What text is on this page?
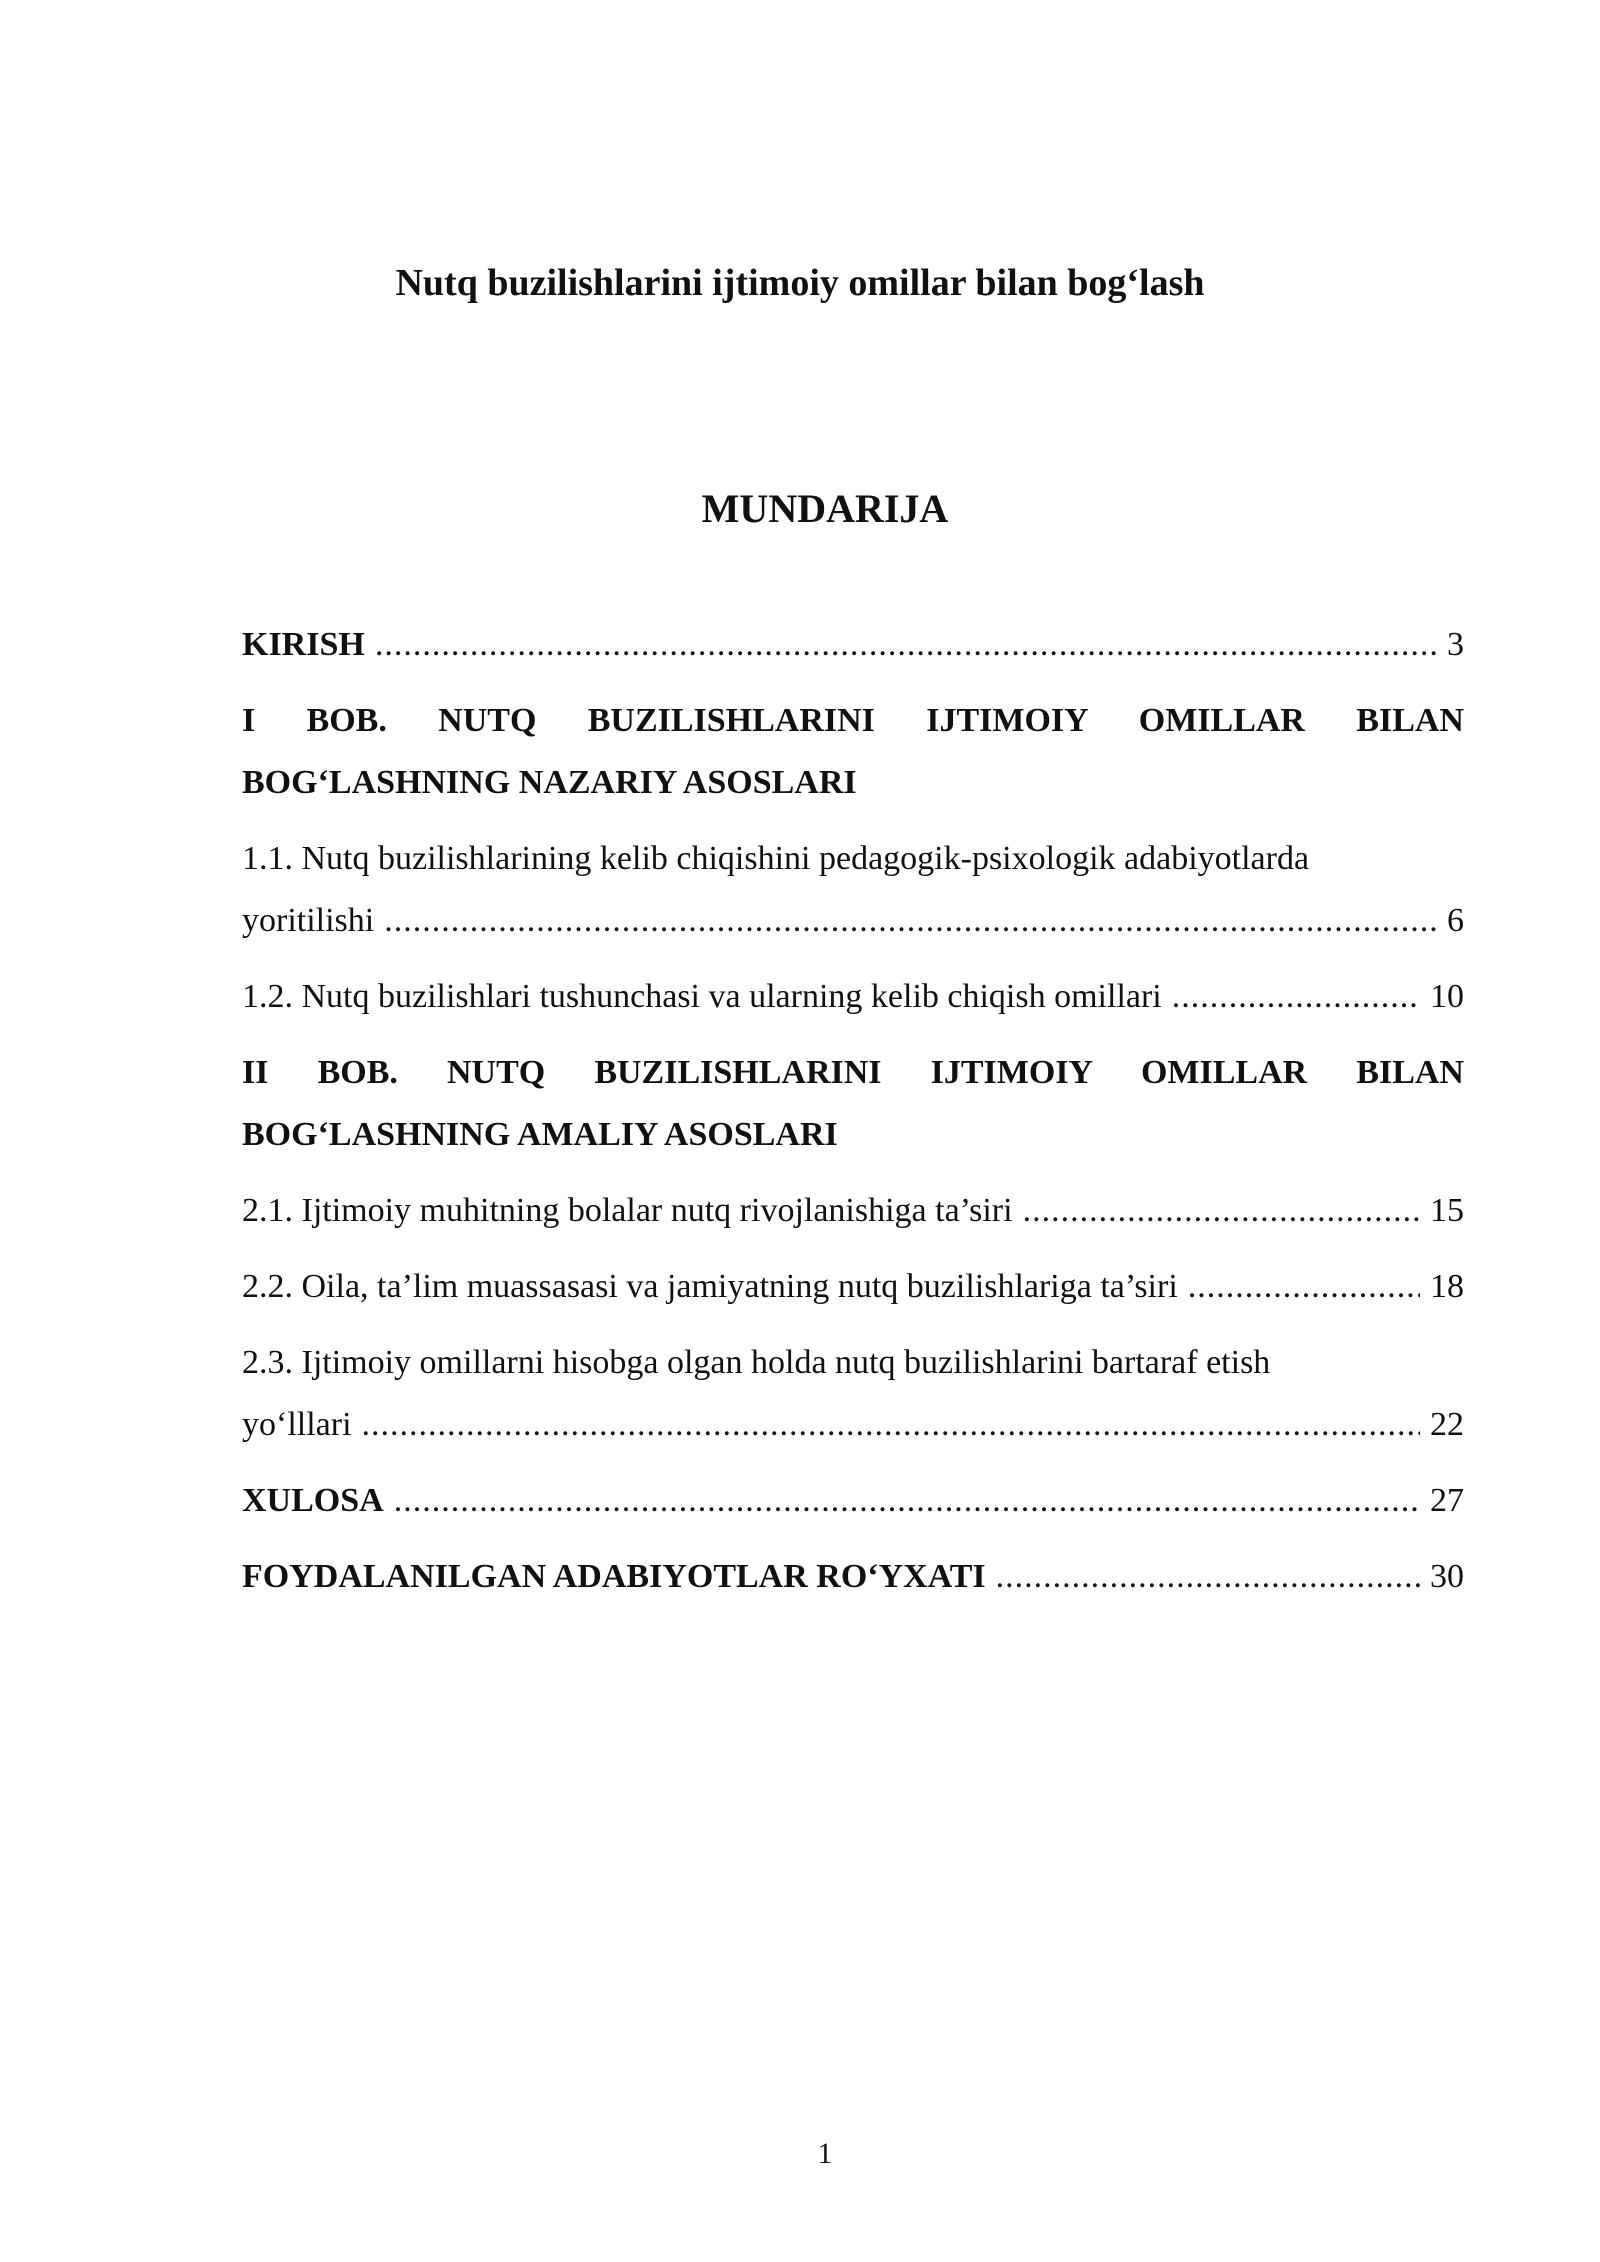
Nutq buzilishlarini ijtimoiy omillar bilan bog‘lash
MUNDARIJA
KIRISH .....	3
I BOB. NUTQ BUZILISHLARINI IJTIMOIY OMILLAR BILAN
BOG‘LASHNING NAZARIY ASOSLARI
1.1. Nutq buzilishlarining kelib chiqishini pedagogik-psixologik adabiyotlarda
yoritilishi .....	6
1.2. Nutq buzilishlari tushunchasi va ularning kelib chiqish omillari .....	10
II BOB. NUTQ BUZILISHLARINI IJTIMOIY OMILLAR BILAN
BOG‘LASHNING AMALIY ASOSLARI
2.1. Ijtimoiy muhitning bolalar nutq rivojlanishiga ta’siri .....	15
2.2. Oila, ta’lim muassasasi va jamiyatning nutq buzilishlariga ta’siri .....	18
2.3. Ijtimoiy omillarni hisobga olgan holda nutq buzilishlarini bartaraf etish
yo‘lllari .....	22
XULOSA .....	27
FOYDALANILGAN ADABIYOTLAR RO‘YXATI .....	30
1
